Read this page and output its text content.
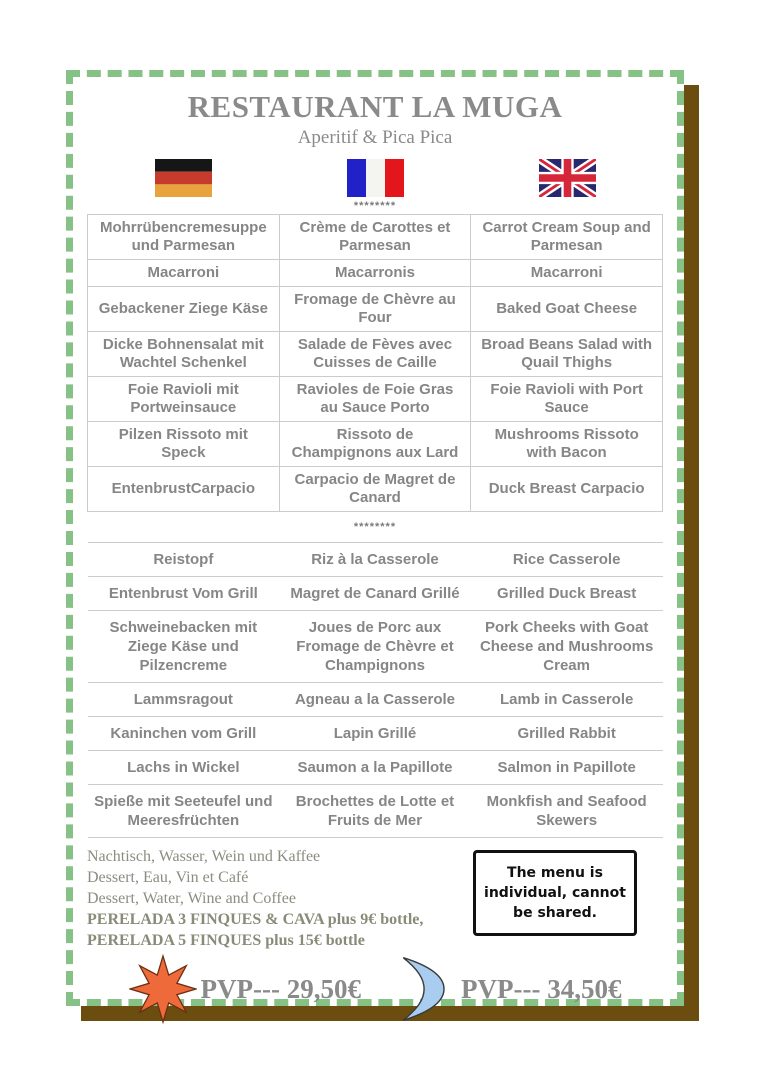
RESTAURANT LA MUGA
Aperitif & Pica Pica
********
Mohrrübencremesuppe und Parmesan	Crème de Carottes et Parmesan	Carrot Cream Soup and Parmesan
Macarroni	Macarronis	Macarroni
Gebackener Ziege Käse	Fromage de Chèvre au Four	Baked Goat Cheese
Dicke Bohnensalat mit Wachtel Schenkel	Salade de Fèves avec Cuisses de Caille	Broad Beans Salad with Quail Thighs
Foie Ravioli mit Portweinsauce	Ravioles de Foie Gras au Sauce Porto	Foie Ravioli with Port Sauce
Pilzen Rissoto mit Speck	Rissoto de Champignons aux Lard	Mushrooms Rissoto with Bacon
EntenbrustCarpacio	Carpacio de Magret de Canard	Duck Breast Carpacio
********		
Reistopf	Riz à la Casserole	Rice Casserole
Entenbrust Vom Grill	Magret de Canard Grillé	Grilled Duck Breast
Schweinebacken mit Ziege Käse und Pilzencreme	Joues de Porc aux Fromage de Chèvre et Champignons	Pork Cheeks with Goat Cheese and Mushrooms Cream
Lammsragout	Agneau a la Casserole	Lamb in Casserole
Kaninchen vom Grill	Lapin Grillé	Grilled Rabbit
Lachs in Wickel	Saumon a la Papillote	Salmon in Papillote
Spieße mit Seeteufel und Meeresfrüchten	Brochettes de Lotte et Fruits de Mer	Monkfish and Seafood Skewers
Nachtisch, Wasser, Wein und Kaffee
Dessert, Eau, Vin et Café
Dessert, Water, Wine and Coffee
PERELADA 3 FINQUES & CAVA plus 9€ bottle,
PERELADA 5 FINQUES plus 15€ bottle
The menu is individual, cannot be shared.
PVP--- 29,50€	PVP--- 34,50€
